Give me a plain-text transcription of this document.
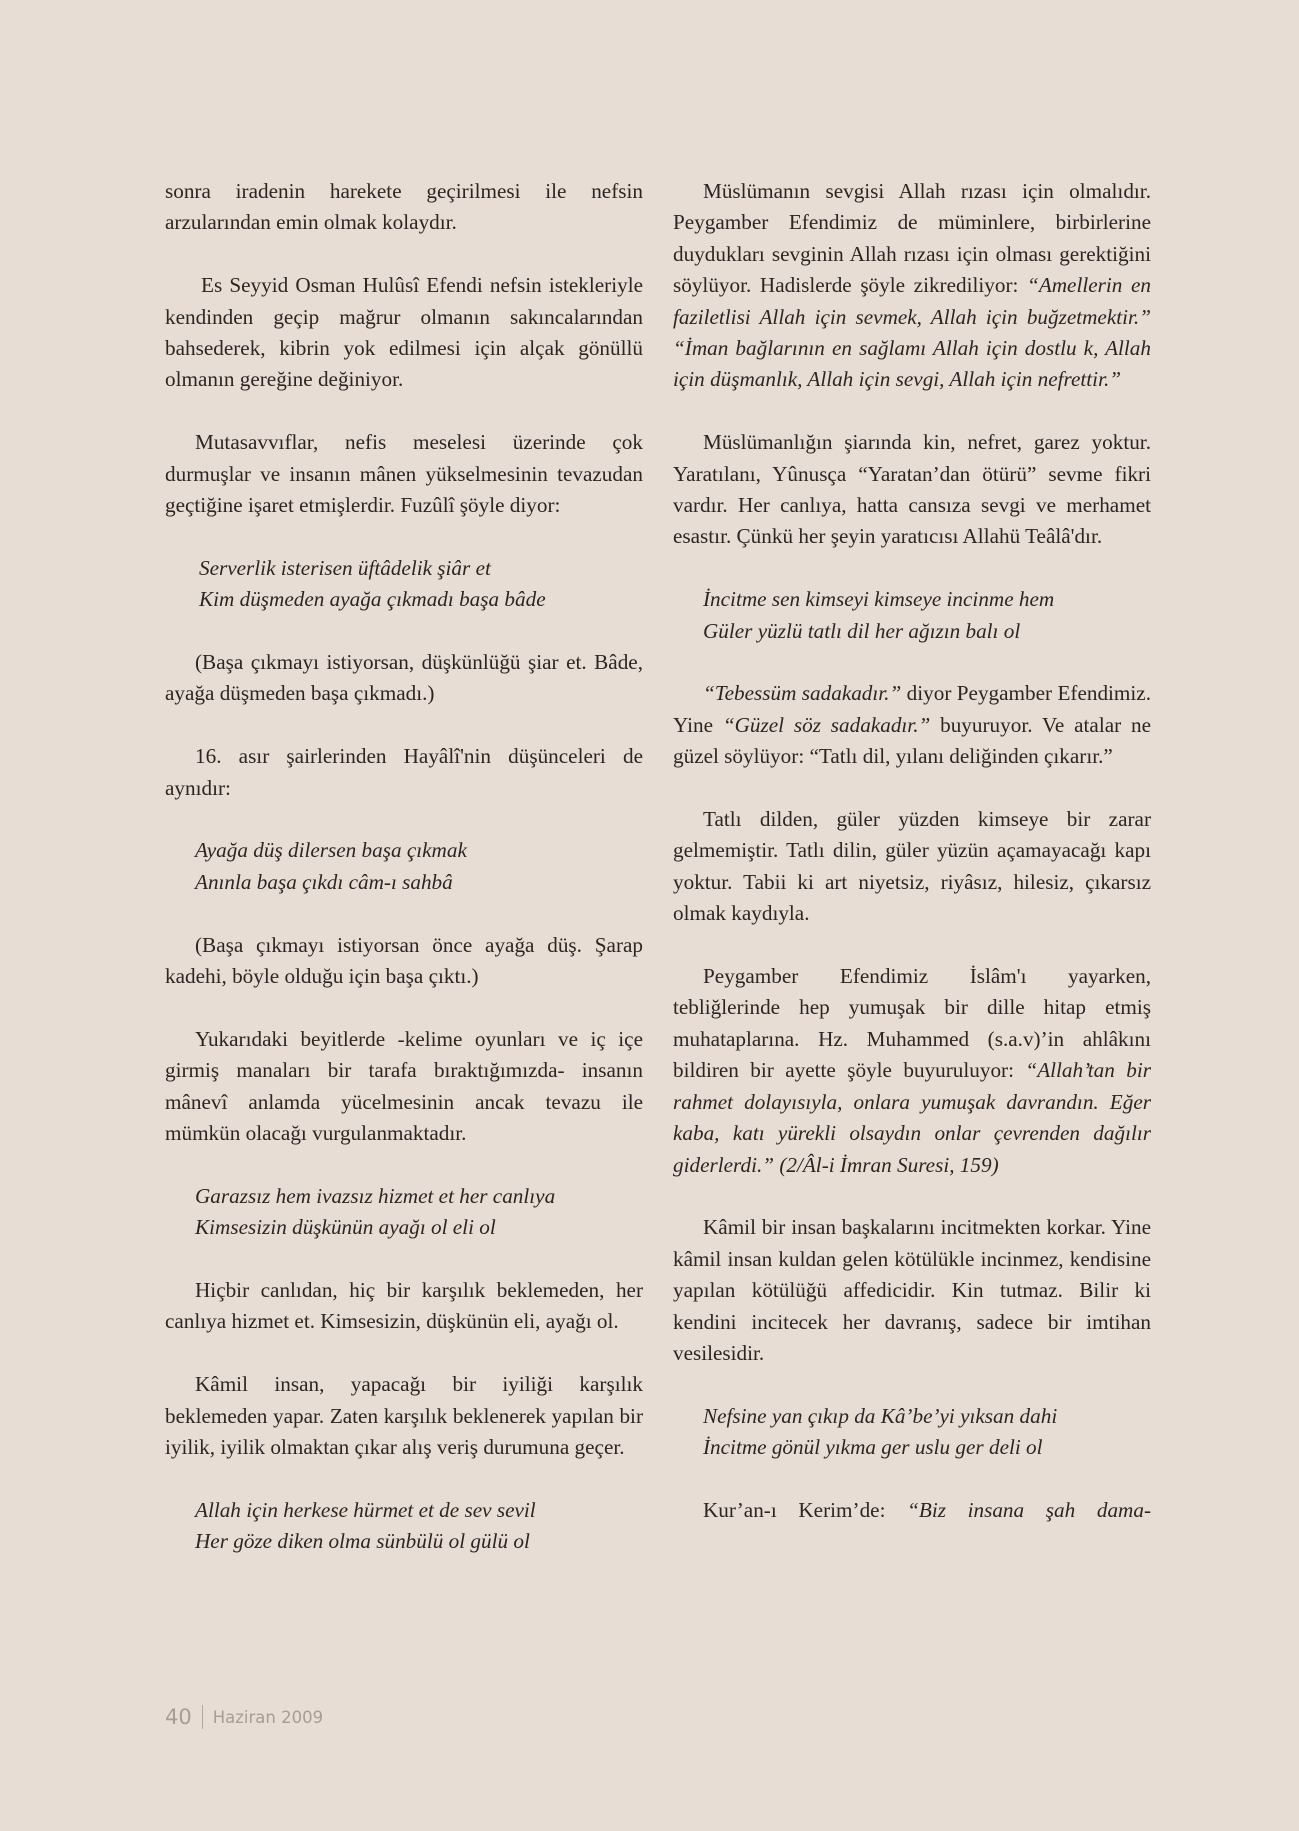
sonra iradenin harekete geçirilmesi ile nefsin arzularından emin olmak kolaydır.

Es Seyyid Osman Hulûsî Efendi nefsin istekleriyle kendinden geçip mağrur olmanın sakıncalarından bahsederek, kibrin yok edilmesi için alçak gönüllü olmanın gereğine değiniyor.

Mutasavvıflar, nefis meselesi üzerinde çok durmuşlar ve insanın mânen yükselmesinin tevazudan geçtiğine işaret etmişlerdir. Fuzûlî şöyle diyor:

Serverlik isterisen üftâdelik şiâr et
Kim düşmeden ayağa çıkmadı başa bâde

(Başa çıkmayı istiyorsan, düşkünlüğü şiar et. Bâde, ayağa düşmeden başa çıkmadı.)

16. asır şairlerinden Hayâlî'nin düşünceleri de aynıdır:

Ayağa düş dilersen başa çıkmak
Anınla başa çıkdı câm-ı sahbâ

(Başa çıkmayı istiyorsan önce ayağa düş. Şarap kadehi, böyle olduğu için başa çıktı.)

Yukarıdaki beyitlerde -kelime oyunları ve iç içe girmiş manaları bir tarafa bıraktığımızda- insanın mânevî anlamda yücelmesinin ancak tevazu ile mümkün olacağı vurgulanmaktadır.

Garazsız hem ivazsız hizmet et her canlıya
Kimsesizin düşkünün ayağı ol eli ol

Hiçbir canlıdan, hiç bir karşılık beklemeden, her canlıya hizmet et. Kimsesizin, düşkünün eli, ayağı ol.

Kâmil insan, yapacağı bir iyiliği karşılık beklemeden yapar. Zaten karşılık beklenerek yapılan bir iyilik, iyilik olmaktan çıkar alış veriş durumuna geçer.

Allah için herkese hürmet et de sev sevil
Her göze diken olma sünbülü ol gülü ol

Müslümanın sevgisi Allah rızası için olmalıdır. Peygamber Efendimiz de müminlere, birbirlerine duydukları sevginin Allah rızası için olması gerektiğini söylüyor. Hadislerde şöyle zikrediliyor: “Amellerin en faziletlisi Allah için sevmek, Allah için buğzetmektir.” “İman bağlarının en sağlamı Allah için dostlu k, Allah için düşmanlık, Allah için sevgi, Allah için nefrettir.”

Müslümanlığın şiarında kin, nefret, garez yoktur. Yaratılanı, Yûnusça “Yaratan’dan ötürü” sevme fikri vardır. Her canlıya, hatta cansıza sevgi ve merhamet esastır. Çünkü her şeyin yaratıcısı Allahü Teâlâ'dır.

İncitme sen kimseyi kimseye incinme hem
Güler yüzlü tatlı dil her ağızın balı ol

“Tebessüm sadakadır.” diyor Peygamber Efendimiz. Yine “Güzel söz sadakadır.” buyuruyor. Ve atalar ne güzel söylüyor: “Tatlı dil, yılanı deliğinden çıkarır.”

Tatlı dilden, güler yüzden kimseye bir zarar gelmemiştir. Tatlı dilin, güler yüzün açamayacağı kapı yoktur. Tabii ki art niyetsiz, riyâsız, hilesiz, çıkarsız olmak kaydıyla.

Peygamber Efendimiz İslâm'ı yayarken, tebliğlerinde hep yumuşak bir dille hitap etmiş muhataplarına. Hz. Muhammed (s.a.v)’in ahlâkını bildiren bir ayette şöyle buyuruluyor: “Allah’tan bir rahmet dolayısıyla, onlara yumuşak davrandın. Eğer kaba, katı yürekli olsaydın onlar çevrenden dağılır giderlerdi.” (2/Âl-i İmran Suresi, 159)

Kâmil bir insan başkalarını incitmekten korkar. Yine kâmil insan kuldan gelen kötülükle incinmez, kendisine yapılan kötülüğü affedicidir. Kin tutmaz. Bilir ki kendini incitecek her davranış, sadece bir imtihan vesilesidir.

Nefsine yan çıkıp da Kâ’be’yi yıksan dahi
İncitme gönül yıkma ger uslu ger deli ol

Kur’an-ı Kerim’de: “Biz insana şah dama-

40 Haziran 2009
